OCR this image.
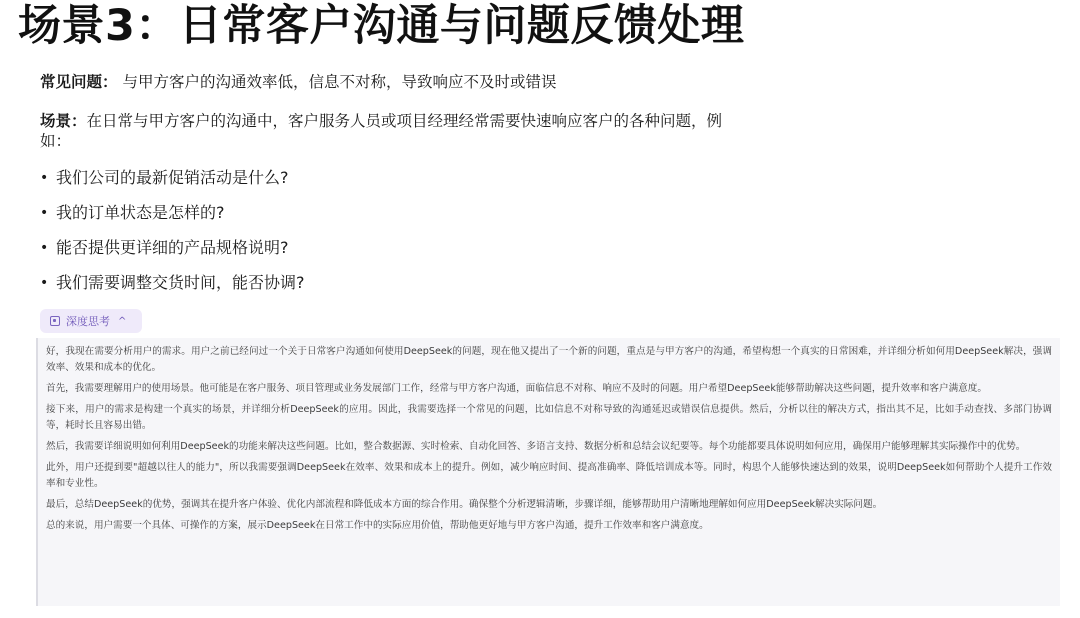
场景3：日常客户沟通与问题反馈处理
常见问题： 与甲方客户的沟通效率低，信息不对称，导致响应不及时或错误
场景：在日常与甲方客户的沟通中，客户服务人员或项目经理经常需要快速响应客户的各种问题，例如：
• 我们公司的最新促销活动是什么?
• 我的订单状态是怎样的?
• 能否提供更详细的产品规格说明?
• 我们需要调整交货时间，能否协调?
深度思考 ^

好，我现在需要分析用户的需求。用户之前已经问过一个关于日常客户沟通如何使用DeepSeek的问题，现在他又提出了一个新的问题，重点是与甲方客户的沟通，希望构想一个真实的日常困难，并详细分析如何用DeepSeek解决，强调效率、效果和成本的优化。

首先，我需要理解用户的使用场景。他可能是在客户服务、项目管理或业务发展部门工作，经常与甲方客户沟通，面临信息不对称、响应不及时的问题。用户希望DeepSeek能够帮助解决这些问题，提升效率和客户满意度。

接下来，用户的需求是构建一个真实的场景，并详细分析DeepSeek的应用。因此，我需要选择一个常见的问题，比如信息不对称导致的沟通延迟或错误信息提供。然后，分析以往的解决方式，指出其不足，比如手动查找、多部门协调等，耗时长且容易出错。

然后，我需要详细说明如何利用DeepSeek的功能来解决这些问题。比如，整合数据源、实时检索、自动化回答、多语言支持、数据分析和总结会议纪要等。每个功能都要具体说明如何应用，确保用户能够理解其实际操作中的优势。

此外，用户还提到要"超越以往人的能力"，所以我需要强调DeepSeek在效率、效果和成本上的提升。例如，减少响应时间、提高准确率、降低培训成本等。同时，构思个人能够快速达到的效果，说明DeepSeek如何帮助个人提升工作效率和专业性。

最后，总结DeepSeek的优势，强调其在提升客户体验、优化内部流程和降低成本方面的综合作用。确保整个分析逻辑清晰，步骤详细，能够帮助用户清晰地理解如何应用DeepSeek解决实际问题。

总的来说，用户需要一个具体、可操作的方案，展示DeepSeek在日常工作中的实际应用价值，帮助他更好地与甲方客户沟通，提升工作效率和客户满意度。
